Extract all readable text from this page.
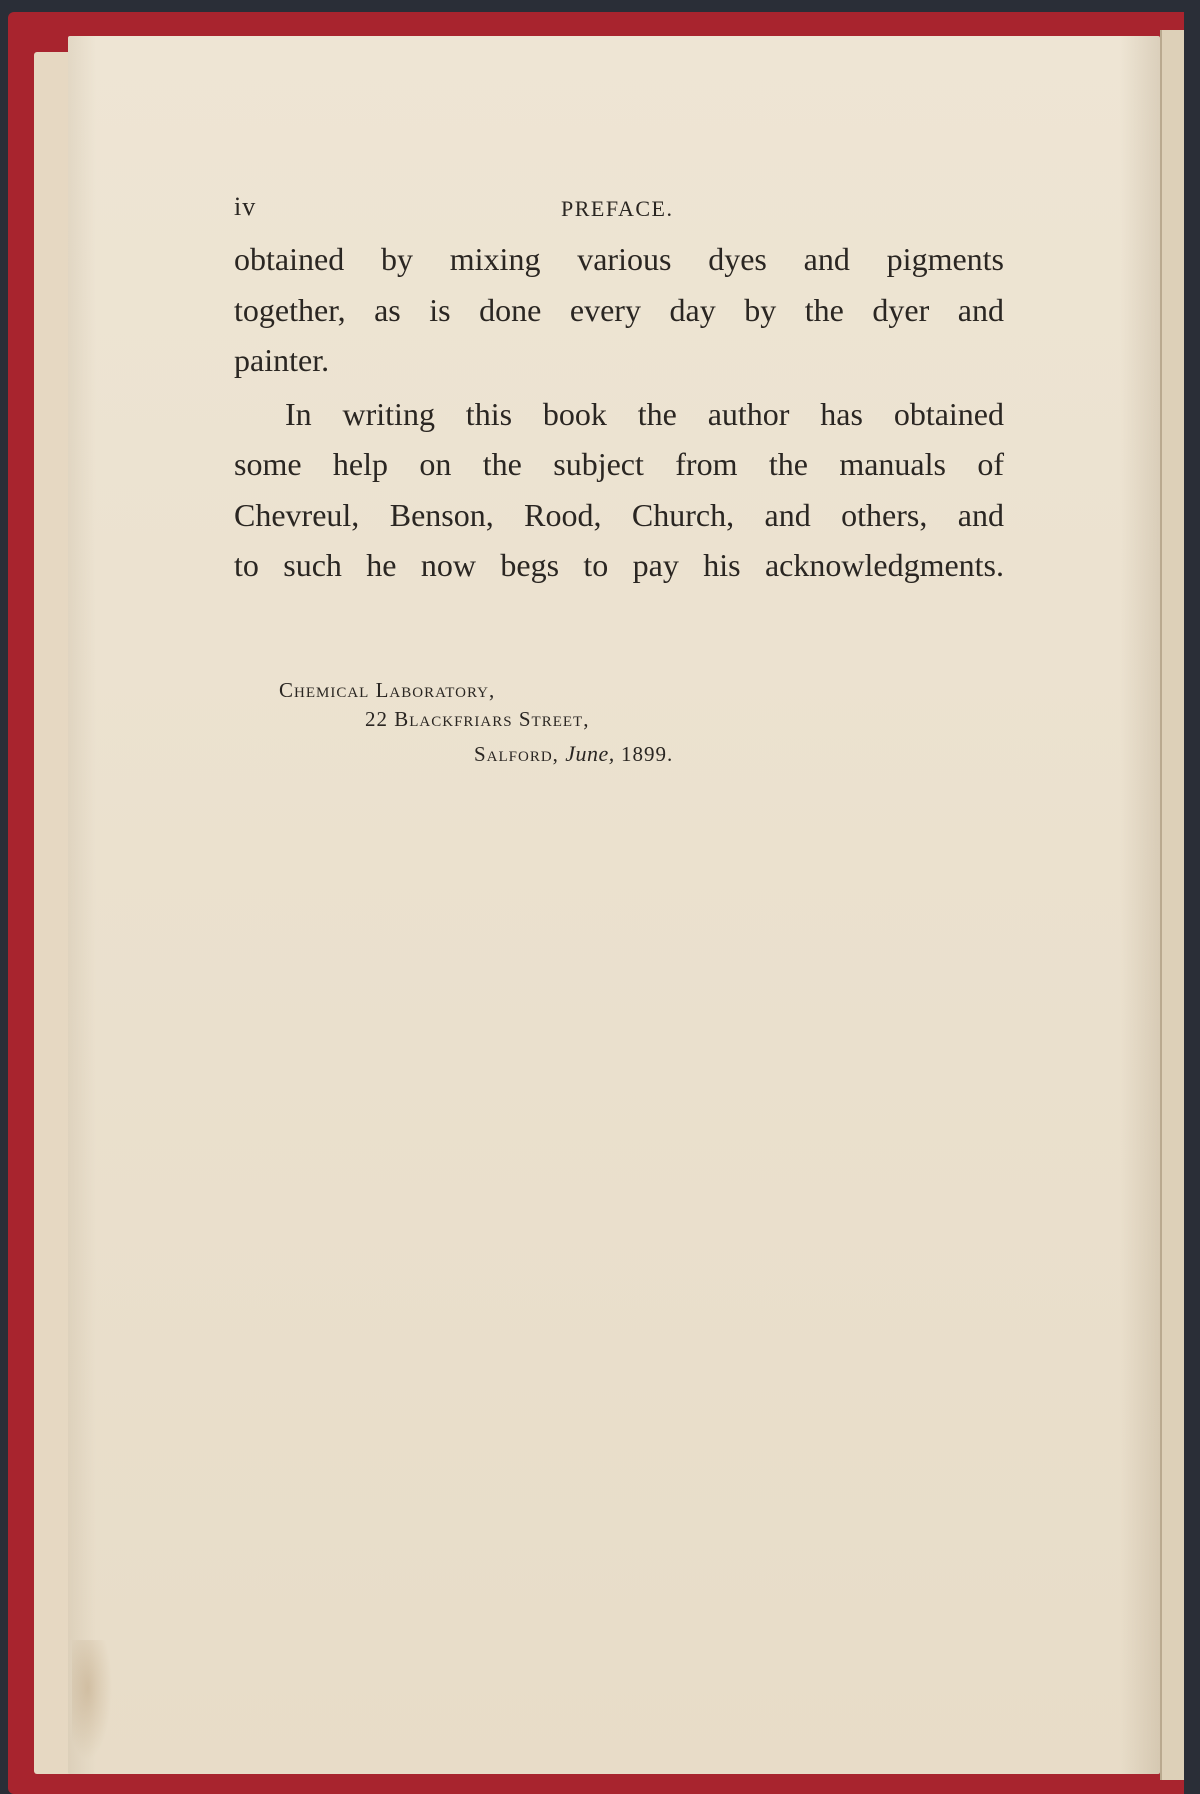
iv	PREFACE.

obtained by mixing various dyes and pigments
together, as is done every day by the dyer and
painter.

In writing this book the author has obtained
some help on the subject from the manuals of
Chevreul, Benson, Rood, Church, and others, and
to such he now begs to pay his acknowledgments.

Chemical Laboratory,
22 Blackfriars Street,
Salford, June, 1899.
